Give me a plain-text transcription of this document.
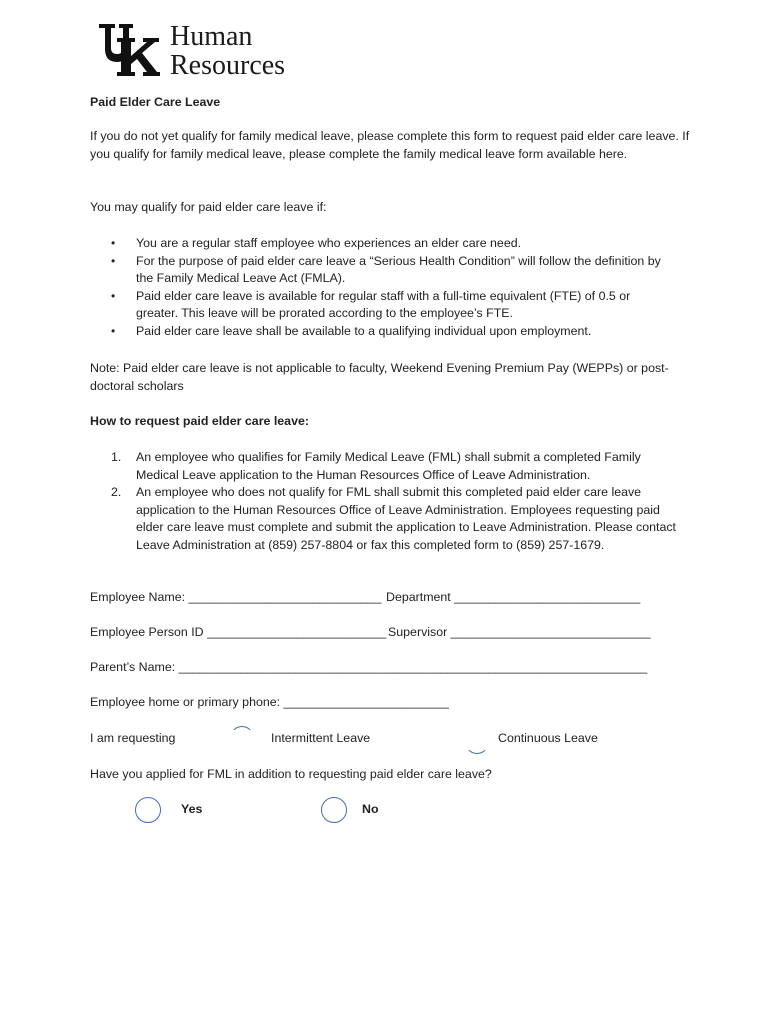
Human
Resources
Paid Elder Care Leave
If you do not yet qualify for family medical leave, please complete this form to request paid elder care leave. If you qualify for family medical leave, please complete the family medical leave form available here.
You may qualify for paid elder care leave if:
• You are a regular staff employee who experiences an elder care need.
• For the purpose of paid elder care leave a “Serious Health Condition” will follow the definition by the Family Medical Leave Act (FMLA).
• Paid elder care leave is available for regular staff with a full-time equivalent (FTE) of 0.5 or greater. This leave will be prorated according to the employee’s FTE.
• Paid elder care leave shall be available to a qualifying individual upon employment.
Note: Paid elder care leave is not applicable to faculty, Weekend Evening Premium Pay (WEPPs) or post-doctoral scholars
How to request paid elder care leave:
1. An employee who qualifies for Family Medical Leave (FML) shall submit a completed Family Medical Leave application to the Human Resources Office of Leave Administration.
2. An employee who does not qualify for FML shall submit this completed paid elder care leave application to the Human Resources Office of Leave Administration. Employees requesting paid elder care leave must complete and submit the application to Leave Administration. Please contact Leave Administration at (859) 257-8804 or fax this completed form to (859) 257-1679.
Employee Name: ____________________________ Department ___________________________
Employee Person ID __________________________ Supervisor _____________________________
Parent’s Name: ____________________________________________________________________
Employee home or primary phone: ________________________
I am requesting	Intermittent Leave	Continuous Leave
Have you applied for FML in addition to requesting paid elder care leave?
Yes	No
